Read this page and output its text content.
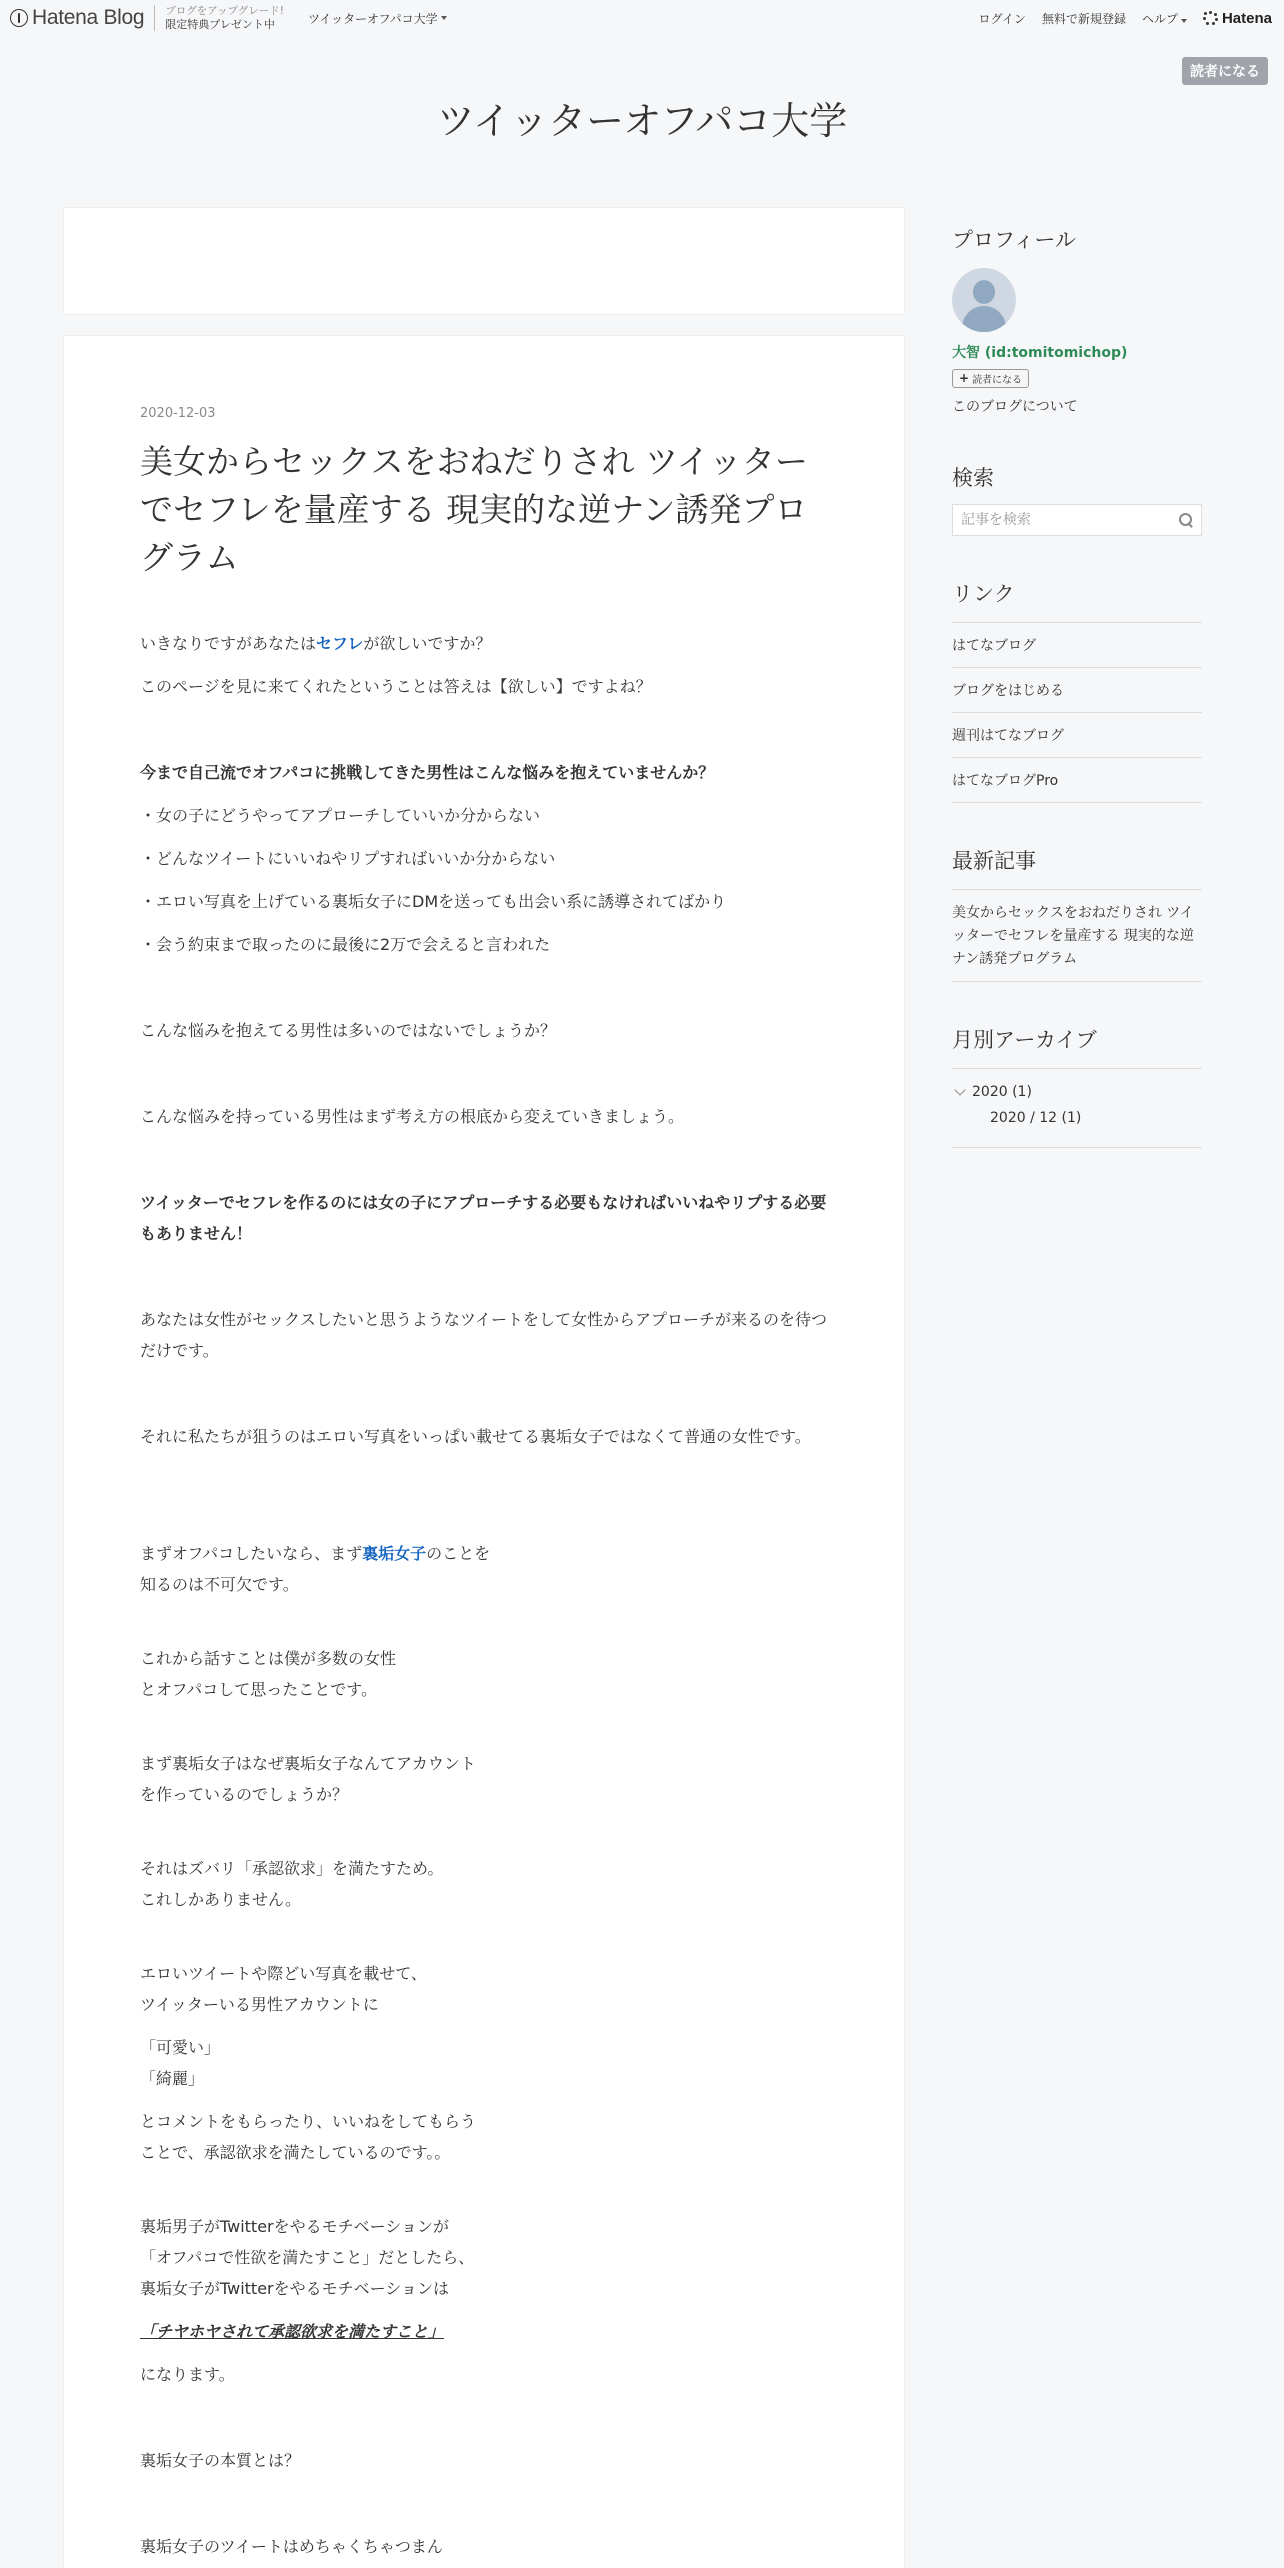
Hatena Blog ブログをアップグレード!
限定特典プレゼント中	ツイッターオフパコ大学	ログイン 無料で新規登録 ヘルプ	Hatena
読者になる
ツイッターオフパコ大学
2020-12-03
美女からセックスをおねだりされ ツイッターでセフレを量産する 現実的な逆ナン誘発プログラム
いきなりですがあなたはセフレが欲しいですか？
このページを見に来てくれたということは答えは【欲しい】ですよね？
今まで自己流でオフパコに挑戦してきた男性はこんな悩みを抱えていませんか？
・女の子にどうやってアプローチしていいか分からない
・どんなツイートにいいねやリプすればいいか分からない
・エロい写真を上げている裏垢女子にDMを送っても出会い系に誘導されてばかり
・会う約束まで取ったのに最後に2万で会えると言われた
こんな悩みを抱えてる男性は多いのではないでしょうか？
こんな悩みを持っている男性はまず考え方の根底から変えていきましょう。
ツイッターでセフレを作るのには女の子にアプローチする必要もなければいいねやリプする必要もありません！
あなたは女性がセックスしたいと思うようなツイートをして女性からアプローチが来るのを待つだけです。
それに私たちが狙うのはエロい写真をいっぱい載せてる裏垢女子ではなくて普通の女性です。
まずオフパコしたいなら、まず裏垢女子のことを
知るのは不可欠です。
これから話すことは僕が多数の女性
とオフパコして思ったことです。
まず裏垢女子はなぜ裏垢女子なんてアカウント
を作っているのでしょうか？
それはズバリ「承認欲求」を満たすため。
これしかありません。
エロいツイートや際どい写真を載せて、
ツイッターいる男性アカウントに
「可愛い」
「綺麗」
とコメントをもらったり、いいねをしてもらう
ことで、承認欲求を満たしているのです。。
裏垢男子がTwitterをやるモチベーションが
「オフパコで性欲を満たすこと」だとしたら、
裏垢女子がTwitterをやるモチベーションは
「チヤホヤされて承認欲求を満たすこと」
になります。
裏垢女子の本質とは？
裏垢女子のツイートはめちゃくちゃつまん
プロフィール
大智 (id:tomitomichop)
+ 読者になる
このブログについて
検索
記事を検索
リンク
はてなブログ
ブログをはじめる
週刊はてなブログ
はてなブログPro
最新記事
美女からセックスをおねだりされ ツイッターでセフレを量産する 現実的な逆ナン誘発プログラム
月別アーカイブ
2020 (1)
2020 / 12 (1)
